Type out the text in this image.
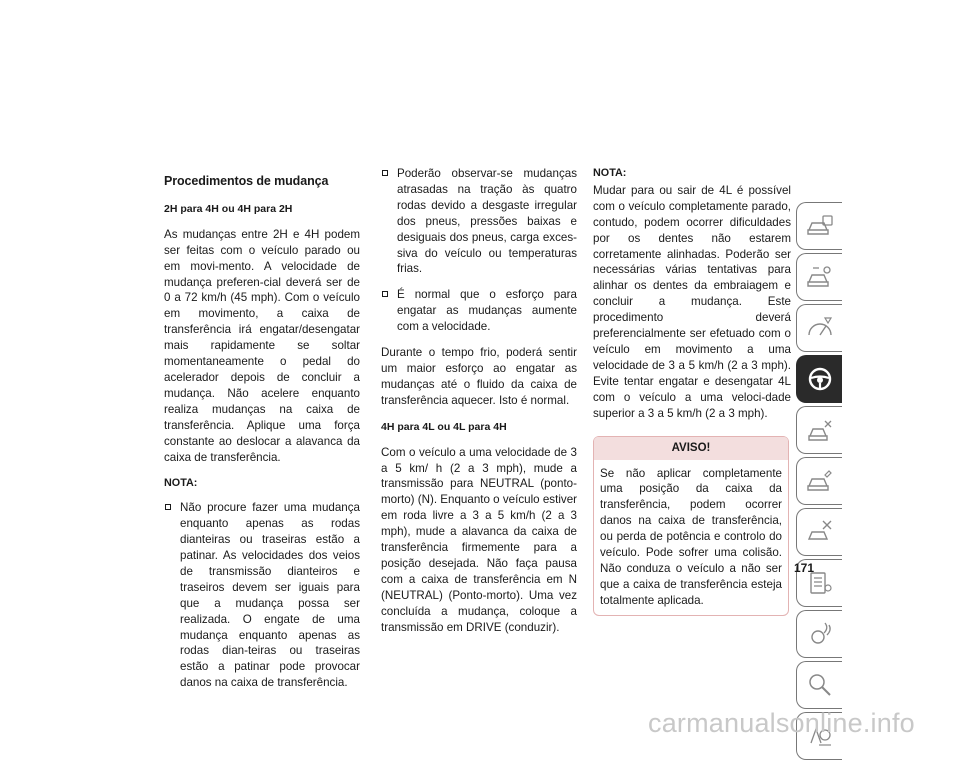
Procedimentos de mudança
2H para 4H ou 4H para 2H

As mudanças entre 2H e 4H podem ser feitas com o veículo parado ou em movi-mento. A velocidade de mudança preferen-cial deverá ser de 0 a 72 km/h (45 mph). Com o veículo em movimento, a caixa de transferência irá engatar/desengatar mais rapidamente se soltar momentaneamente o pedal do acelerador depois de concluir a mudança. Não acelere enquanto realiza mudanças na caixa de transferência. Aplique uma força constante ao deslocar a alavanca da caixa de transferência.

NOTA:
Não procure fazer uma mudança enquanto apenas as rodas dianteiras ou traseiras estão a patinar. As velocidades dos veios de transmissão dianteiros e traseiros devem ser iguais para que a mudança possa ser realizada. O engate de uma mudança enquanto apenas as rodas dian-teiras ou traseiras estão a patinar pode provocar danos na caixa de transferência.
Poderão observar-se mudanças atrasadas na tração às quatro rodas devido a desgaste irregular dos pneus, pressões baixas e desiguais dos pneus, carga exces-siva do veículo ou temperaturas frias.
É normal que o esforço para engatar as mudanças aumente com a velocidade.

Durante o tempo frio, poderá sentir um maior esforço ao engatar as mudanças até o fluido da caixa de transferência aquecer. Isto é normal.

4H para 4L ou 4L para 4H

Com o veículo a uma velocidade de 3 a 5 km/ h (2 a 3 mph), mude a transmissão para NEUTRAL (ponto-morto) (N). Enquanto o veículo estiver em roda livre a 3 a 5 km/h (2 a 3 mph), mude a alavanca da caixa de transferência firmemente para a posição desejada. Não faça pausa com a caixa de transferência em N (NEUTRAL) (Ponto-morto). Uma vez concluída a mudança, coloque a transmissão em DRIVE (conduzir).

NOTA:

Mudar para ou sair de 4L é possível com o veículo completamente parado, contudo, podem ocorrer dificuldades por os dentes não estarem corretamente alinhadas. Poderão ser necessárias várias tentativas para alinhar os dentes da embraiagem e concluir a mudança. Este procedimento deverá preferencialmente ser efetuado com o veículo em movimento a uma velocidade de 3 a 5 km/h (2 a 3 mph). Evite tentar engatar e desengatar 4L com o veículo a uma veloci-dade superior a 3 a 5 km/h (2 a 3 mph).

AVISO!
Se não aplicar completamente uma posição da caixa da transferência, podem ocorrer danos na caixa de transferência, ou perda de potência e controlo do veículo. Pode sofrer uma colisão. Não conduza o veículo a não ser que a caixa de transferência esteja totalmente aplicada.
171
carmanualsonline.info
